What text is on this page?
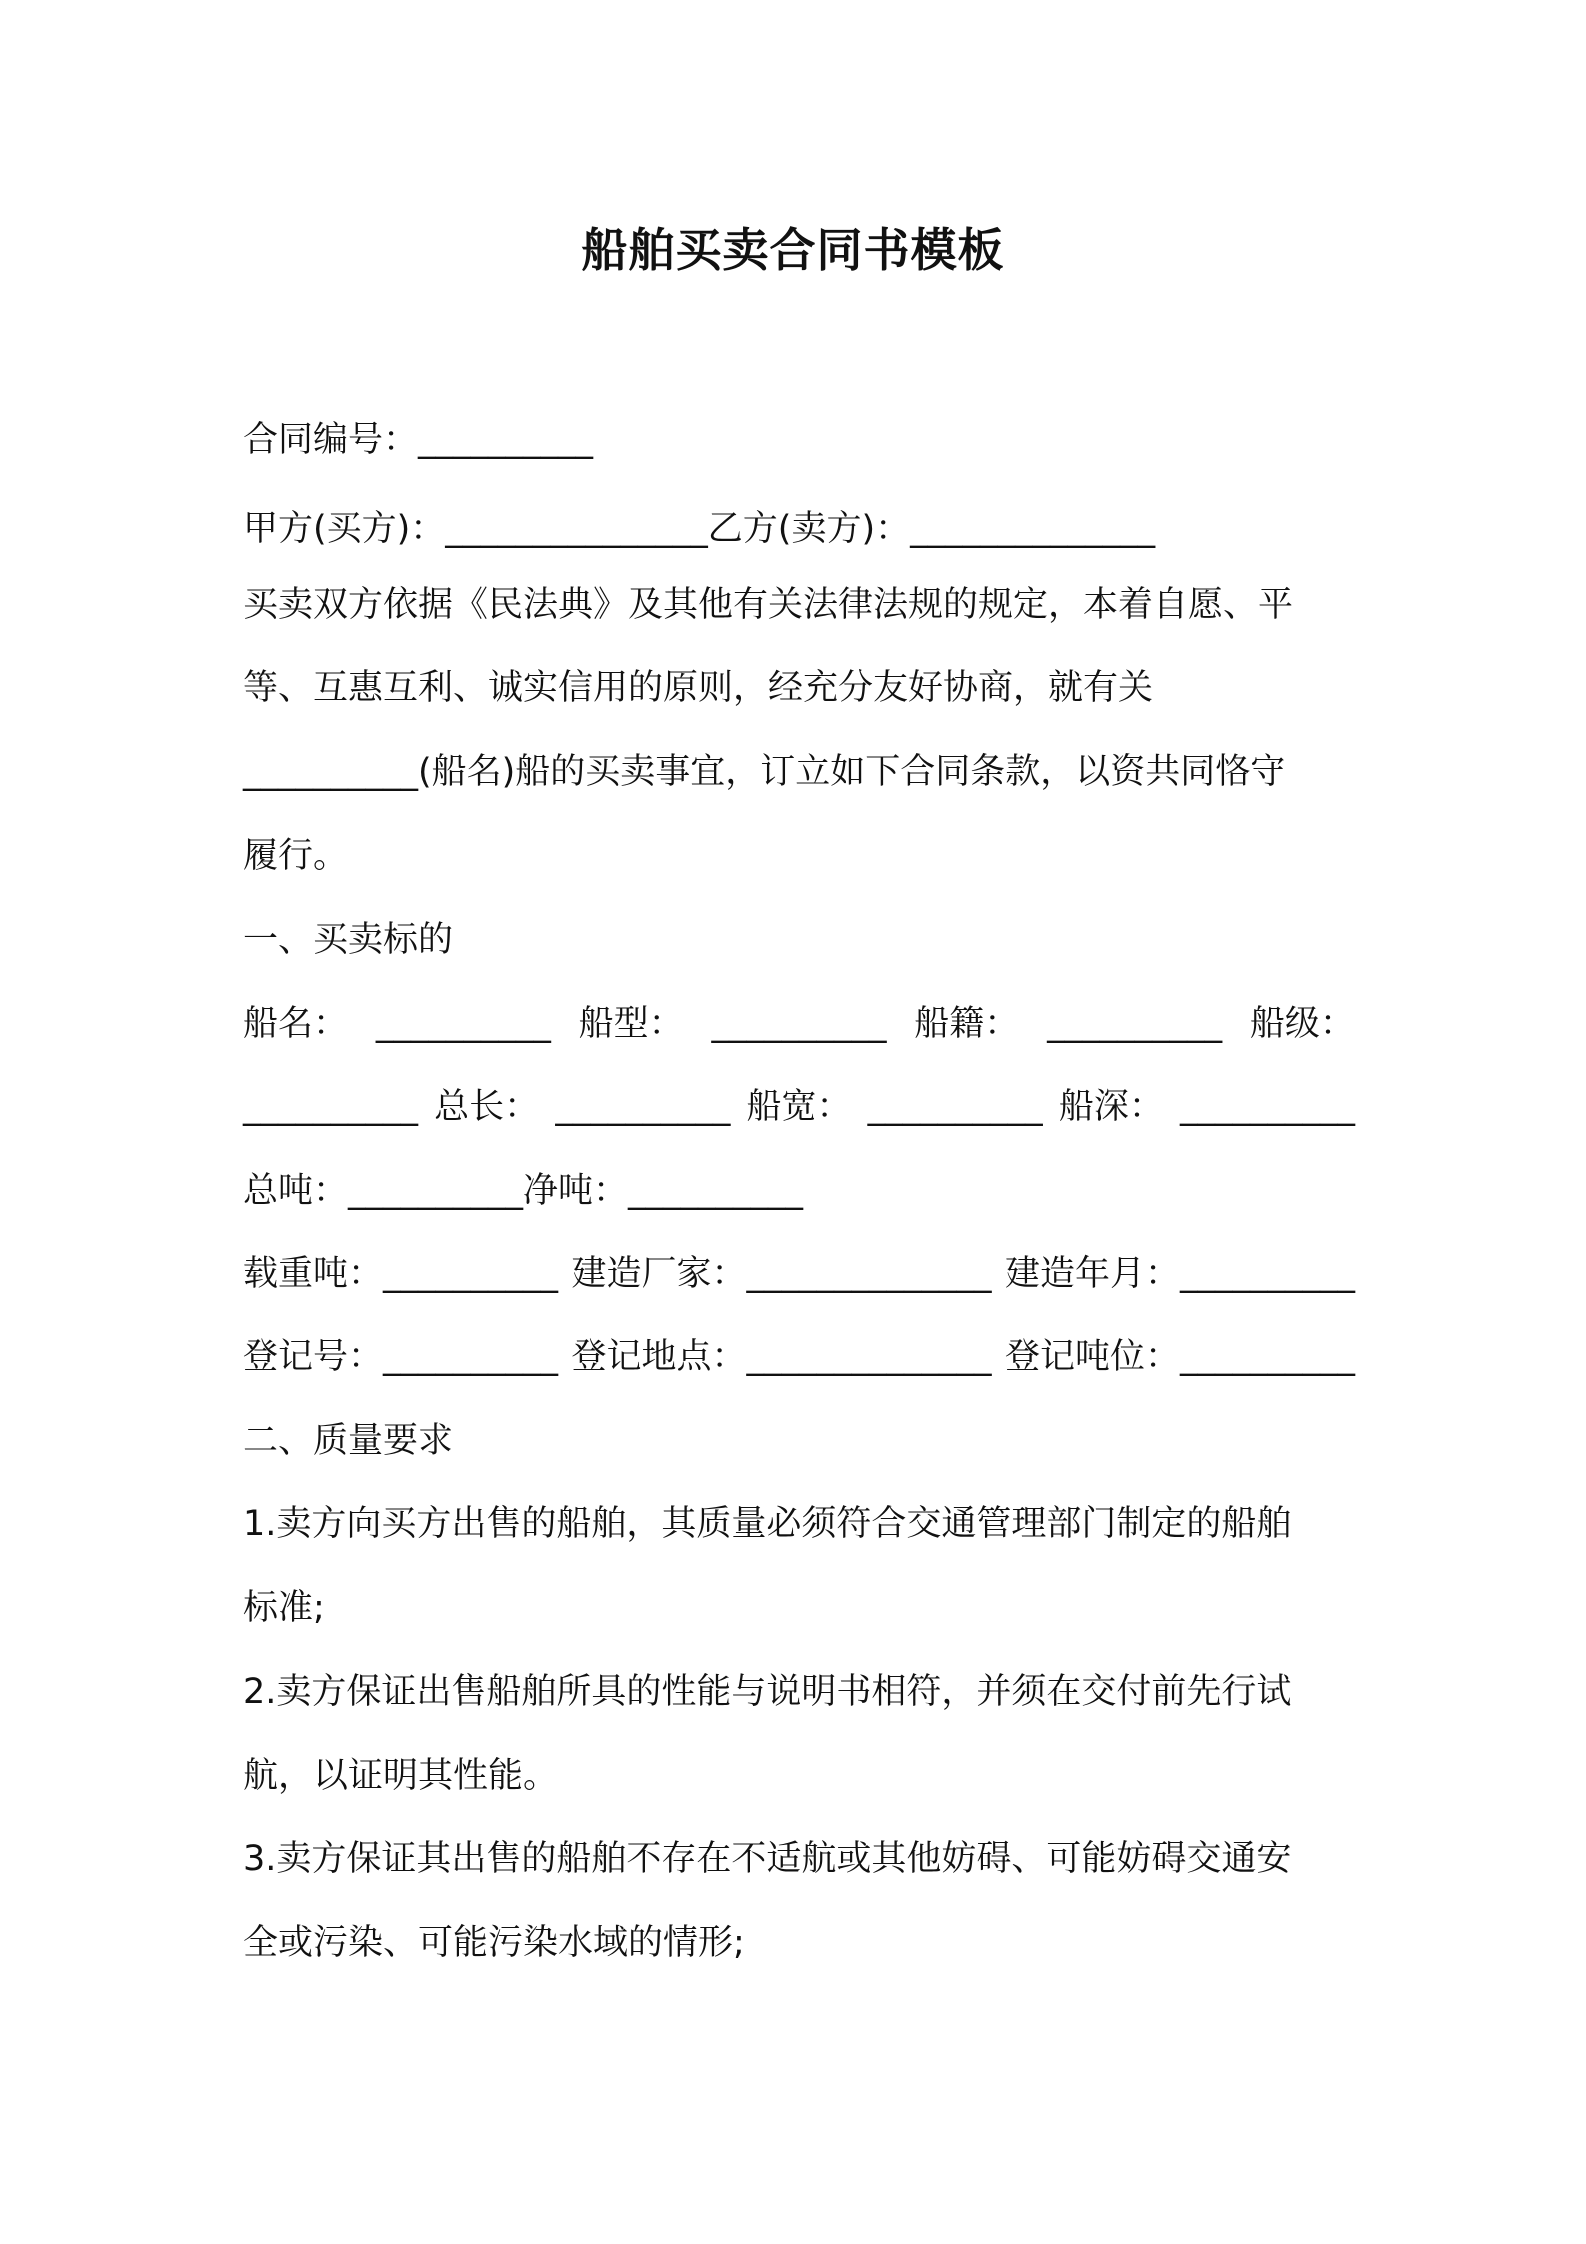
船舶买卖合同书模板
合同编号：__________
甲方(买方)：_______________乙方(卖方)：______________
买卖双方依据《民法典》及其他有关法律法规的规定，本着自愿、平
等、互惠互利、诚实信用的原则，经充分友好协商，就有关
__________(船名)船的买卖事宜，订立如下合同条款，以资共同恪守
履行。
一、买卖标的
船名： __________ 船型： __________ 船籍： __________ 船级：
__________ 总长： __________ 船宽： __________ 船深： __________
总吨：__________净吨：__________
载重吨：__________ 建造厂家：______________ 建造年月：__________
登记号：__________ 登记地点：______________ 登记吨位：__________
二、质量要求
1.卖方向买方出售的船舶，其质量必须符合交通管理部门制定的船舶
标准;
2.卖方保证出售船舶所具的性能与说明书相符，并须在交付前先行试
航，以证明其性能。
3.卖方保证其出售的船舶不存在不适航或其他妨碍、可能妨碍交通安
全或污染、可能污染水域的情形;
